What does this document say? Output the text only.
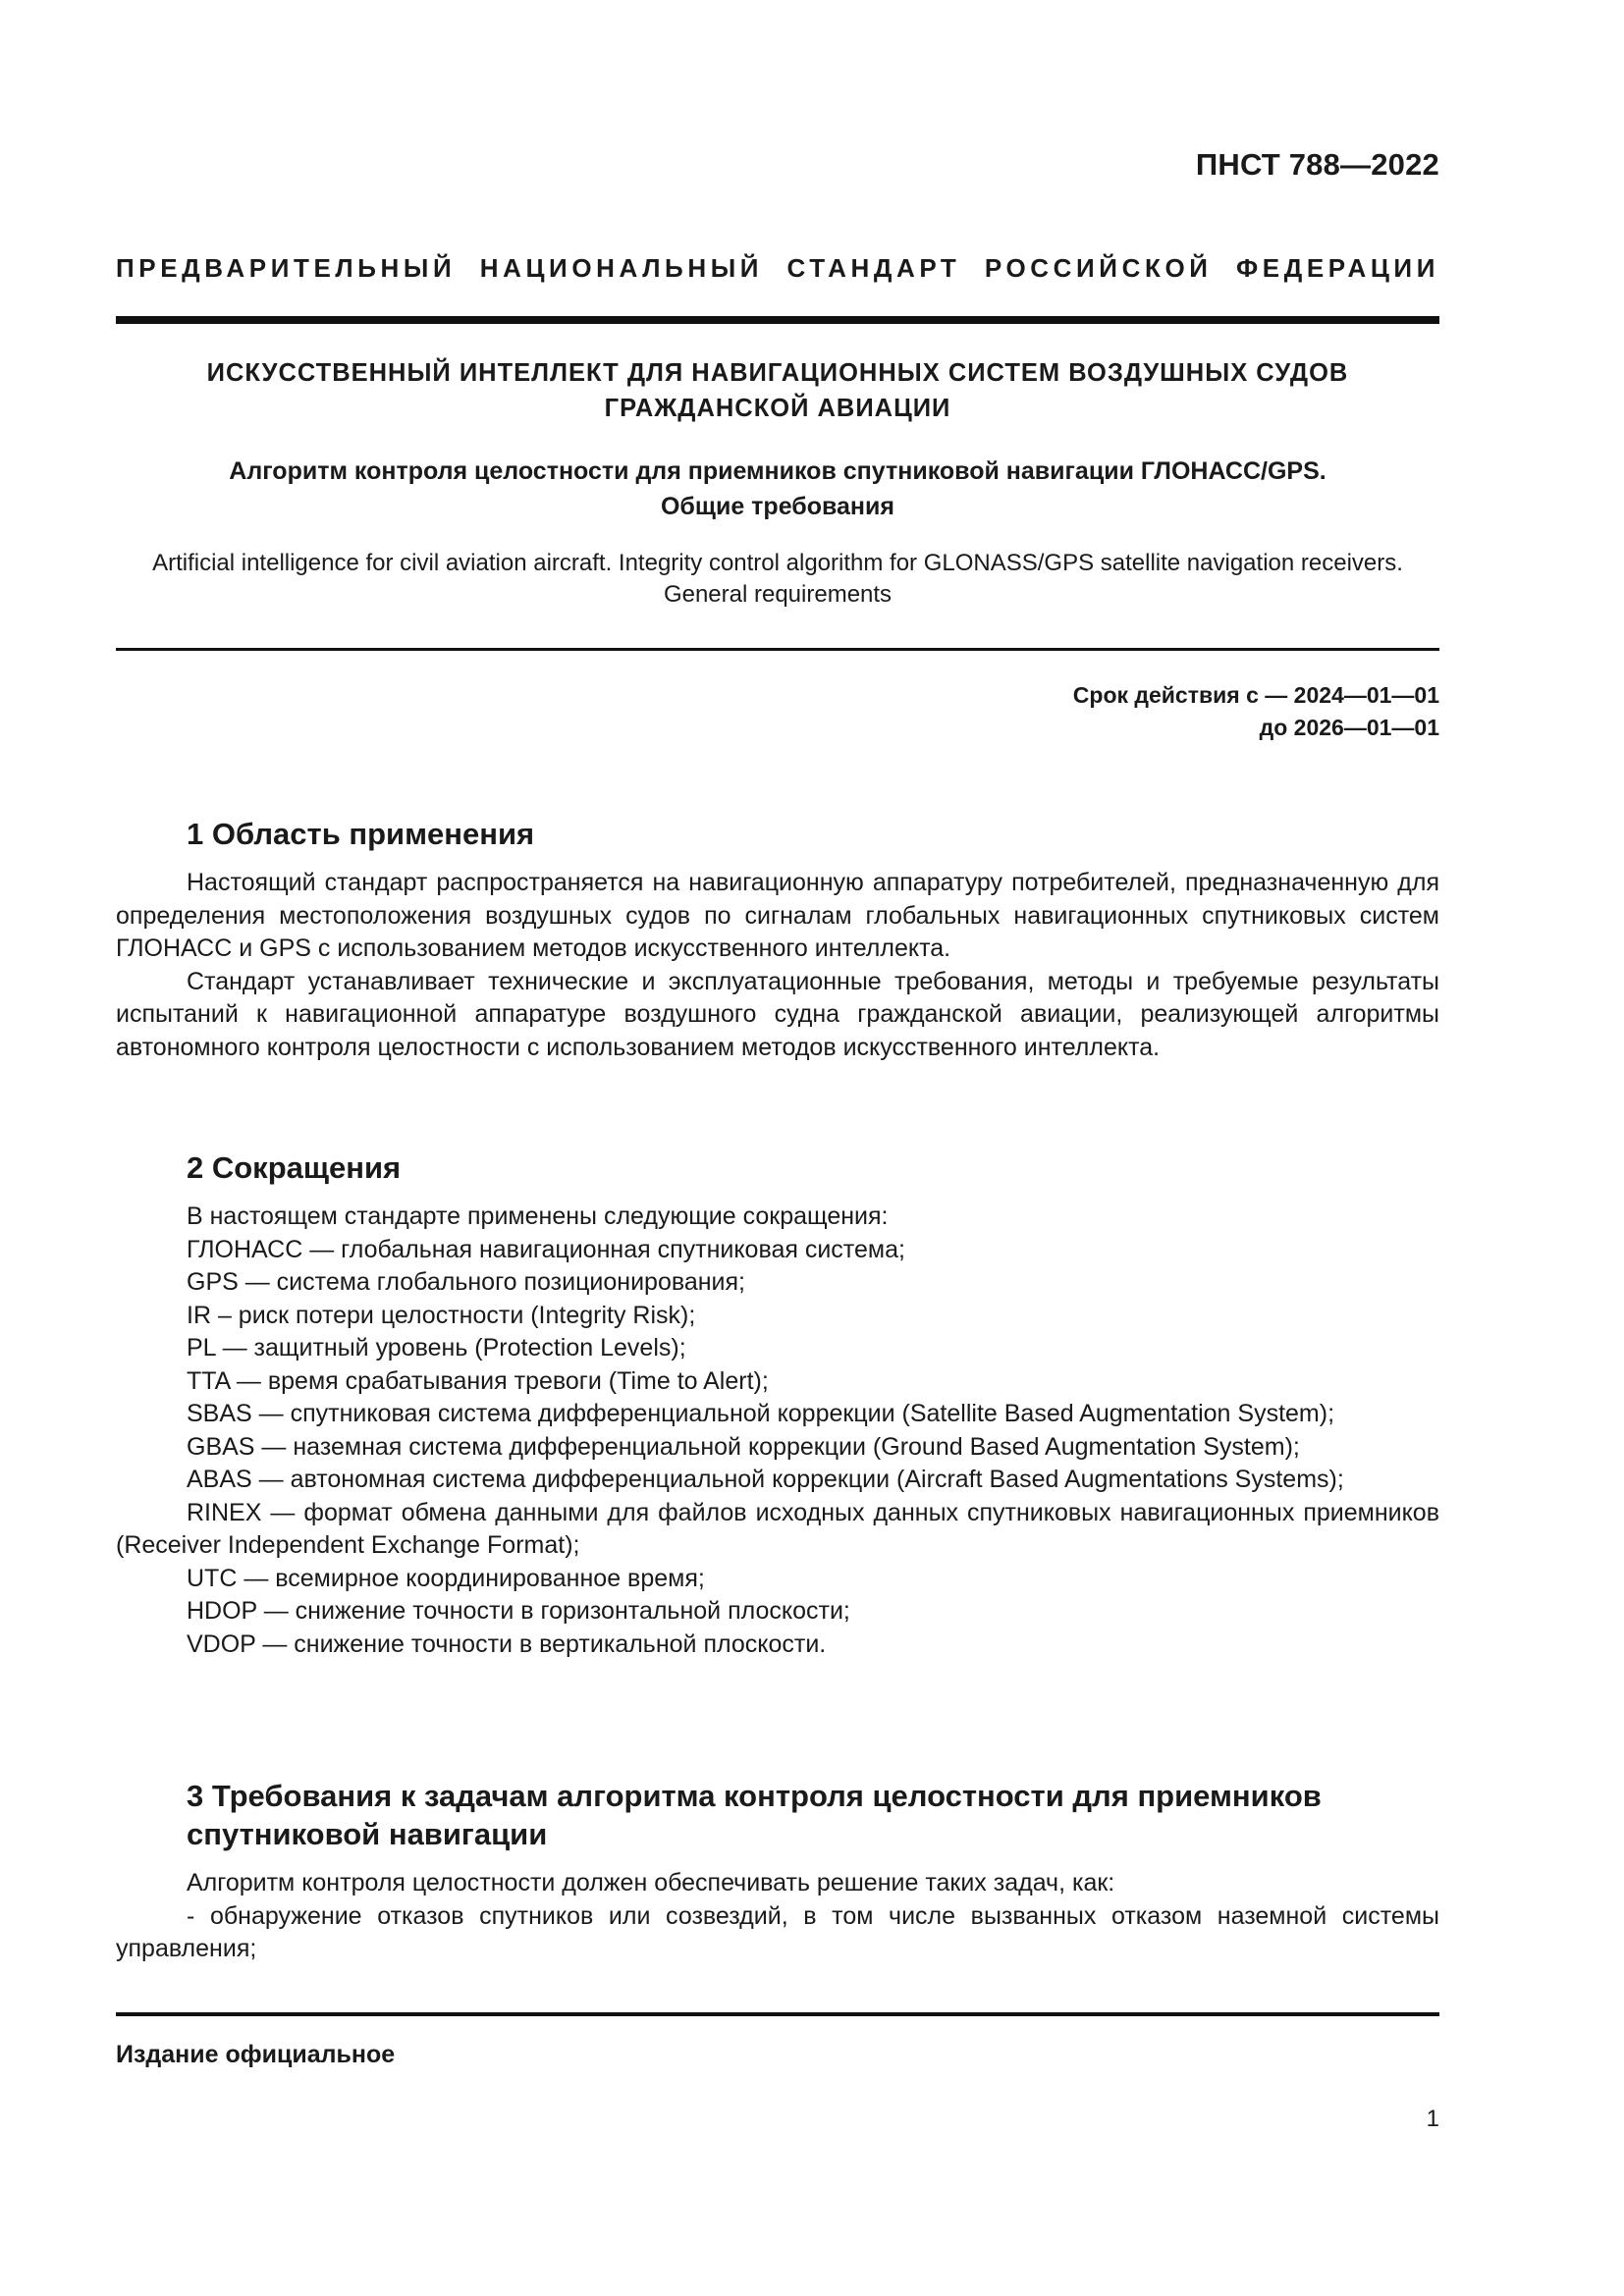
ПНСТ 788—2022
ПРЕДВАРИТЕЛЬНЫЙ НАЦИОНАЛЬНЫЙ СТАНДАРТ РОССИЙСКОЙ ФЕДЕРАЦИИ
ИСКУССТВЕННЫЙ ИНТЕЛЛЕКТ ДЛЯ НАВИГАЦИОННЫХ СИСТЕМ ВОЗДУШНЫХ СУДОВ
ГРАЖДАНСКОЙ АВИАЦИИ
Алгоритм контроля целостности для приемников спутниковой навигации ГЛОНАСС/GPS.
Общие требования
Artificial intelligence for civil aviation aircraft. Integrity control algorithm for GLONASS/GPS satellite navigation receivers.
General requirements
Срок действия с — 2024—01—01
до 2026—01—01
1 Область применения

Настоящий стандарт распространяется на навигационную аппаратуру потребителей, предназначенную для определения местоположения воздушных судов по сигналам глобальных навигационных спутниковых систем ГЛОНАСС и GPS с использованием методов искусственного интеллекта.

Стандарт устанавливает технические и эксплуатационные требования, методы и требуемые результаты испытаний к навигационной аппаратуре воздушного судна гражданской авиации, реализующей алгоритмы автономного контроля целостности с использованием методов искусственного интеллекта.

2 Сокращения

В настоящем стандарте применены следующие сокращения:

ГЛОНАСС — глобальная навигационная спутниковая система;

GPS — система глобального позиционирования;

IR – риск потери целостности (Integrity Risk);

PL — защитный уровень (Protection Levels);

TTA — время срабатывания тревоги (Time to Alert);

SBAS — спутниковая система дифференциальной коррекции (Satellite Based Augmentation System);

GBAS — наземная система дифференциальной коррекции (Ground Based Augmentation System);

ABAS — автономная система дифференциальной коррекции (Aircraft Based Augmentations Systems);

RINEX — формат обмена данными для файлов исходных данных спутниковых навигационных приемников (Receiver Independent Exchange Format);

UTC — всемирное координированное время;

HDOP — снижение точности в горизонтальной плоскости;

VDOP — снижение точности в вертикальной плоскости.

3 Требования к задачам алгоритма контроля целостности для приемников
спутниковой навигации

Алгоритм контроля целостности должен обеспечивать решение таких задач, как:

- обнаружение отказов спутников или созвездий, в том числе вызванных отказом наземной системы управления;

Издание официальное
1
